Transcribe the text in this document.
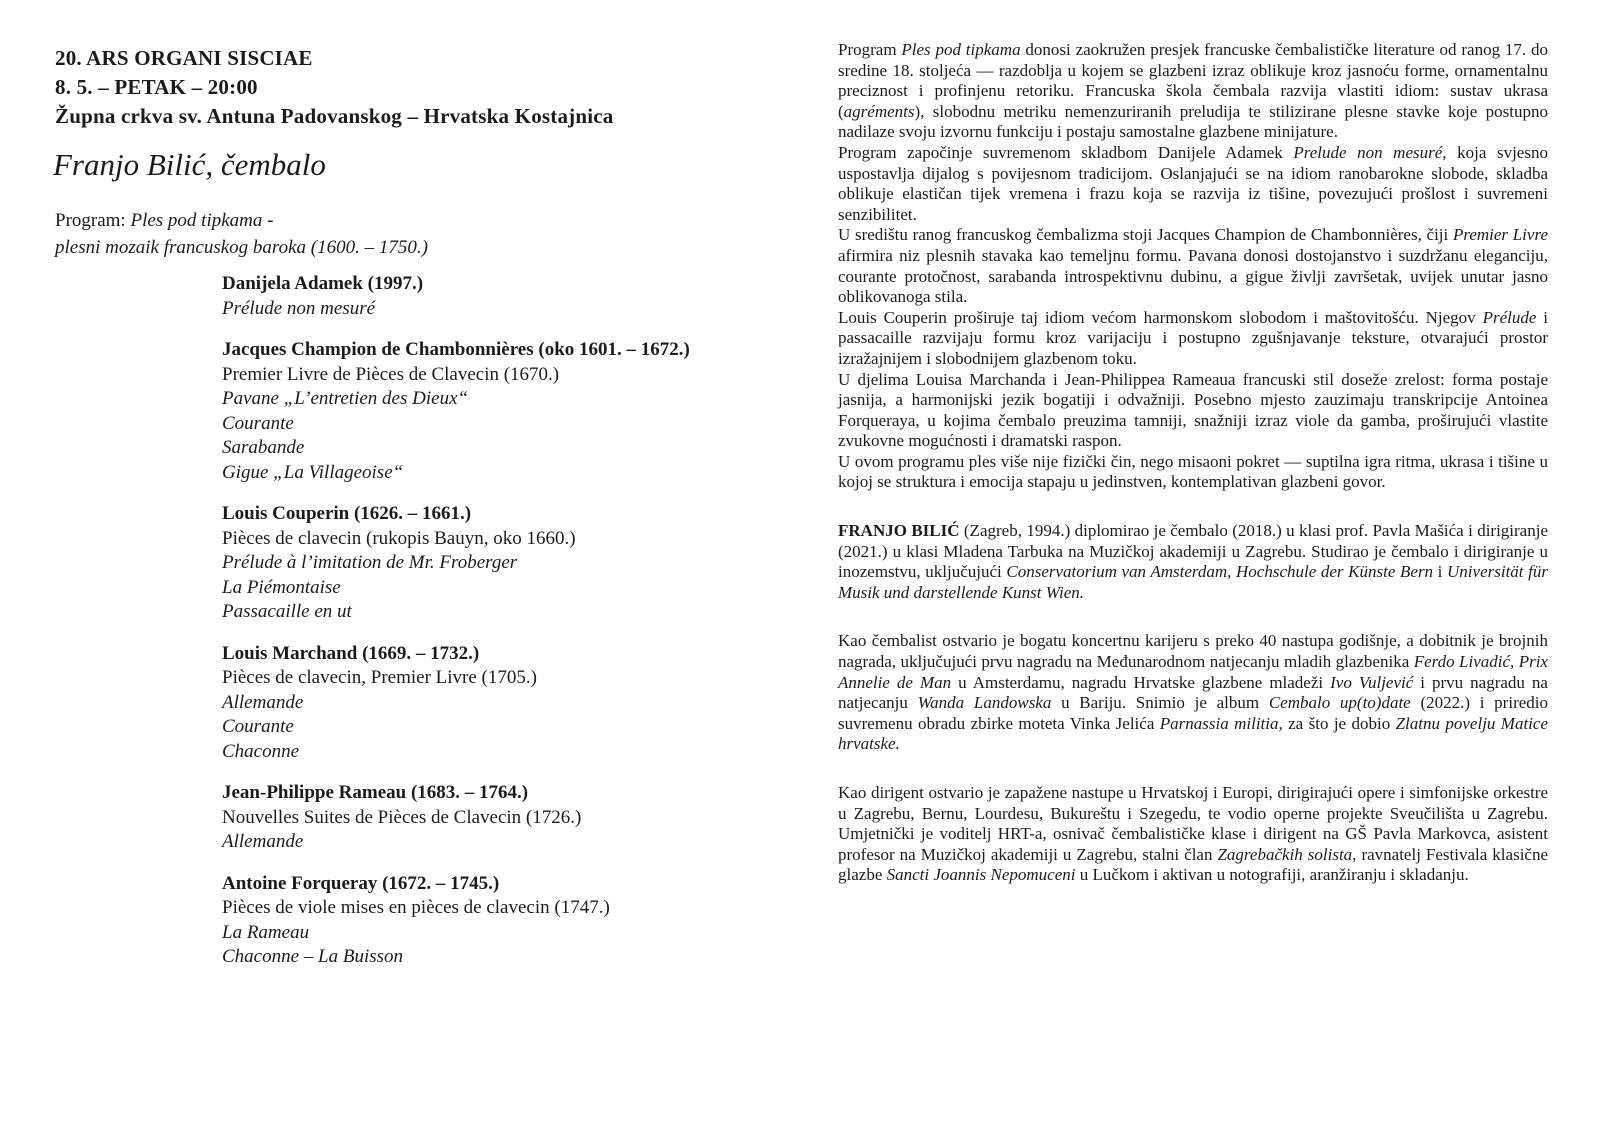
20. ARS ORGANI SISCIAE
8. 5. – PETAK – 20:00
Župna crkva sv. Antuna Padovanskog – Hrvatska Kostajnica
Franjo Bilić, čembalo
Program: Ples pod tipkama -
plesni mozaik francuskog baroka (1600. – 1750.)
Danijela Adamek (1997.)
Prélude non mesuré
Jacques Champion de Chambonnières (oko 1601. – 1672.)
Premier Livre de Pièces de Clavecin (1670.)
Pavane „L’entretien des Dieux“
Courante
Sarabande
Gigue „La Villageoise“
Louis Couperin (1626. – 1661.)
Pièces de clavecin (rukopis Bauyn, oko 1660.)
Prélude à l’imitation de Mr. Froberger
La Piémontaise
Passacaille en ut
Louis Marchand (1669. – 1732.)
Pièces de clavecin, Premier Livre (1705.)
Allemande
Courante
Chaconne
Jean-Philippe Rameau (1683. – 1764.)
Nouvelles Suites de Pièces de Clavecin (1726.)
Allemande
Antoine Forqueray (1672. – 1745.)
Pièces de viole mises en pièces de clavecin (1747.)
La Rameau
Chaconne – La Buisson

Program Ples pod tipkama donosi zaokružen presjek francuske čembalističke literature od ranog 17. do sredine 18. stoljeća — razdoblja u kojem se glazbeni izraz oblikuje kroz jasnoću forme, ornamentalnu preciznost i profinjenu retoriku. Francuska škola čembala razvija vlastiti idiom: sustav ukrasa (agréments), slobodnu metriku nemenzuriranih preludija te stilizirane plesne stavke koje postupno nadilaze svoju izvornu funkciju i postaju samostalne glazbene minijature.

Program započinje suvremenom skladbom Danijele Adamek Prelude non mesuré, koja svjesno uspostavlja dijalog s povijesnom tradicijom. Oslanjajući se na idiom ranobarokne slobode, skladba oblikuje elastičan tijek vremena i frazu koja se razvija iz tišine, povezujući prošlost i suvremeni senzibilitet.

U središtu ranog francuskog čembalizma stoji Jacques Champion de Chambonnières, čiji Premier Livre afirmira niz plesnih stavaka kao temeljnu formu. Pavana donosi dostojanstvo i suzdržanu eleganciju, courante protočnost, sarabanda introspektivnu dubinu, a gigue življi završetak, uvijek unutar jasno oblikovanoga stila.

Louis Couperin proširuje taj idiom većom harmonskom slobodom i maštovitošću. Njegov Prélude i passacaille razvijaju formu kroz varijaciju i postupno zgušnjavanje teksture, otvarajući prostor izražajnijem i slobodnijem glazbenom toku.

U djelima Louisa Marchanda i Jean-Philippea Rameaua francuski stil doseže zrelost: forma postaje jasnija, a harmonijski jezik bogatiji i odvažniji. Posebno mjesto zauzimaju transkripcije Antoinea Forqueraya, u kojima čembalo preuzima tamniji, snažniji izraz viole da gamba, proširujući vlastite zvukovne mogućnosti i dramatski raspon.

U ovom programu ples više nije fizički čin, nego misaoni pokret — suptilna igra ritma, ukrasa i tišine u kojoj se struktura i emocija stapaju u jedinstven, kontemplativan glazbeni govor.

FRANJO BILIĆ (Zagreb, 1994.) diplomirao je čembalo (2018.) u klasi prof. Pavla Mašića i dirigiranje (2021.) u klasi Mladena Tarbuka na Muzičkoj akademiji u Zagrebu. Studirao je čembalo i dirigiranje u inozemstvu, uključujući Conservatorium van Amsterdam, Hochschule der Künste Bern i Universität für Musik und darstellende Kunst Wien.

Kao čembalist ostvario je bogatu koncertnu karijeru s preko 40 nastupa godišnje, a dobitnik je brojnih nagrada, uključujući prvu nagradu na Međunarodnom natjecanju mladih glazbenika Ferdo Livadić, Prix Annelie de Man u Amsterdamu, nagradu Hrvatske glazbene mladeži Ivo Vuljević i prvu nagradu na natjecanju Wanda Landowska u Bariju. Snimio je album Cembalo up(to)date (2022.) i priredio suvremenu obradu zbirke moteta Vinka Jelića Parnassia militia, za što je dobio Zlatnu povelju Matice hrvatske.

Kao dirigent ostvario je zapažene nastupe u Hrvatskoj i Europi, dirigirajući opere i simfonijske orkestre u Zagrebu, Bernu, Lourdesu, Bukureštu i Szegedu, te vodio operne projekte Sveučilišta u Zagrebu. Umjetnički je voditelj HRT-a, osnivač čembalističke klase i dirigent na GŠ Pavla Markovca, asistent profesor na Muzičkoj akademiji u Zagrebu, stalni član Zagrebačkih solista, ravnatelj Festivala klasične glazbe Sancti Joannis Nepomuceni u Lučkom i aktivan u notografiji, aranžiranju i skladanju.
